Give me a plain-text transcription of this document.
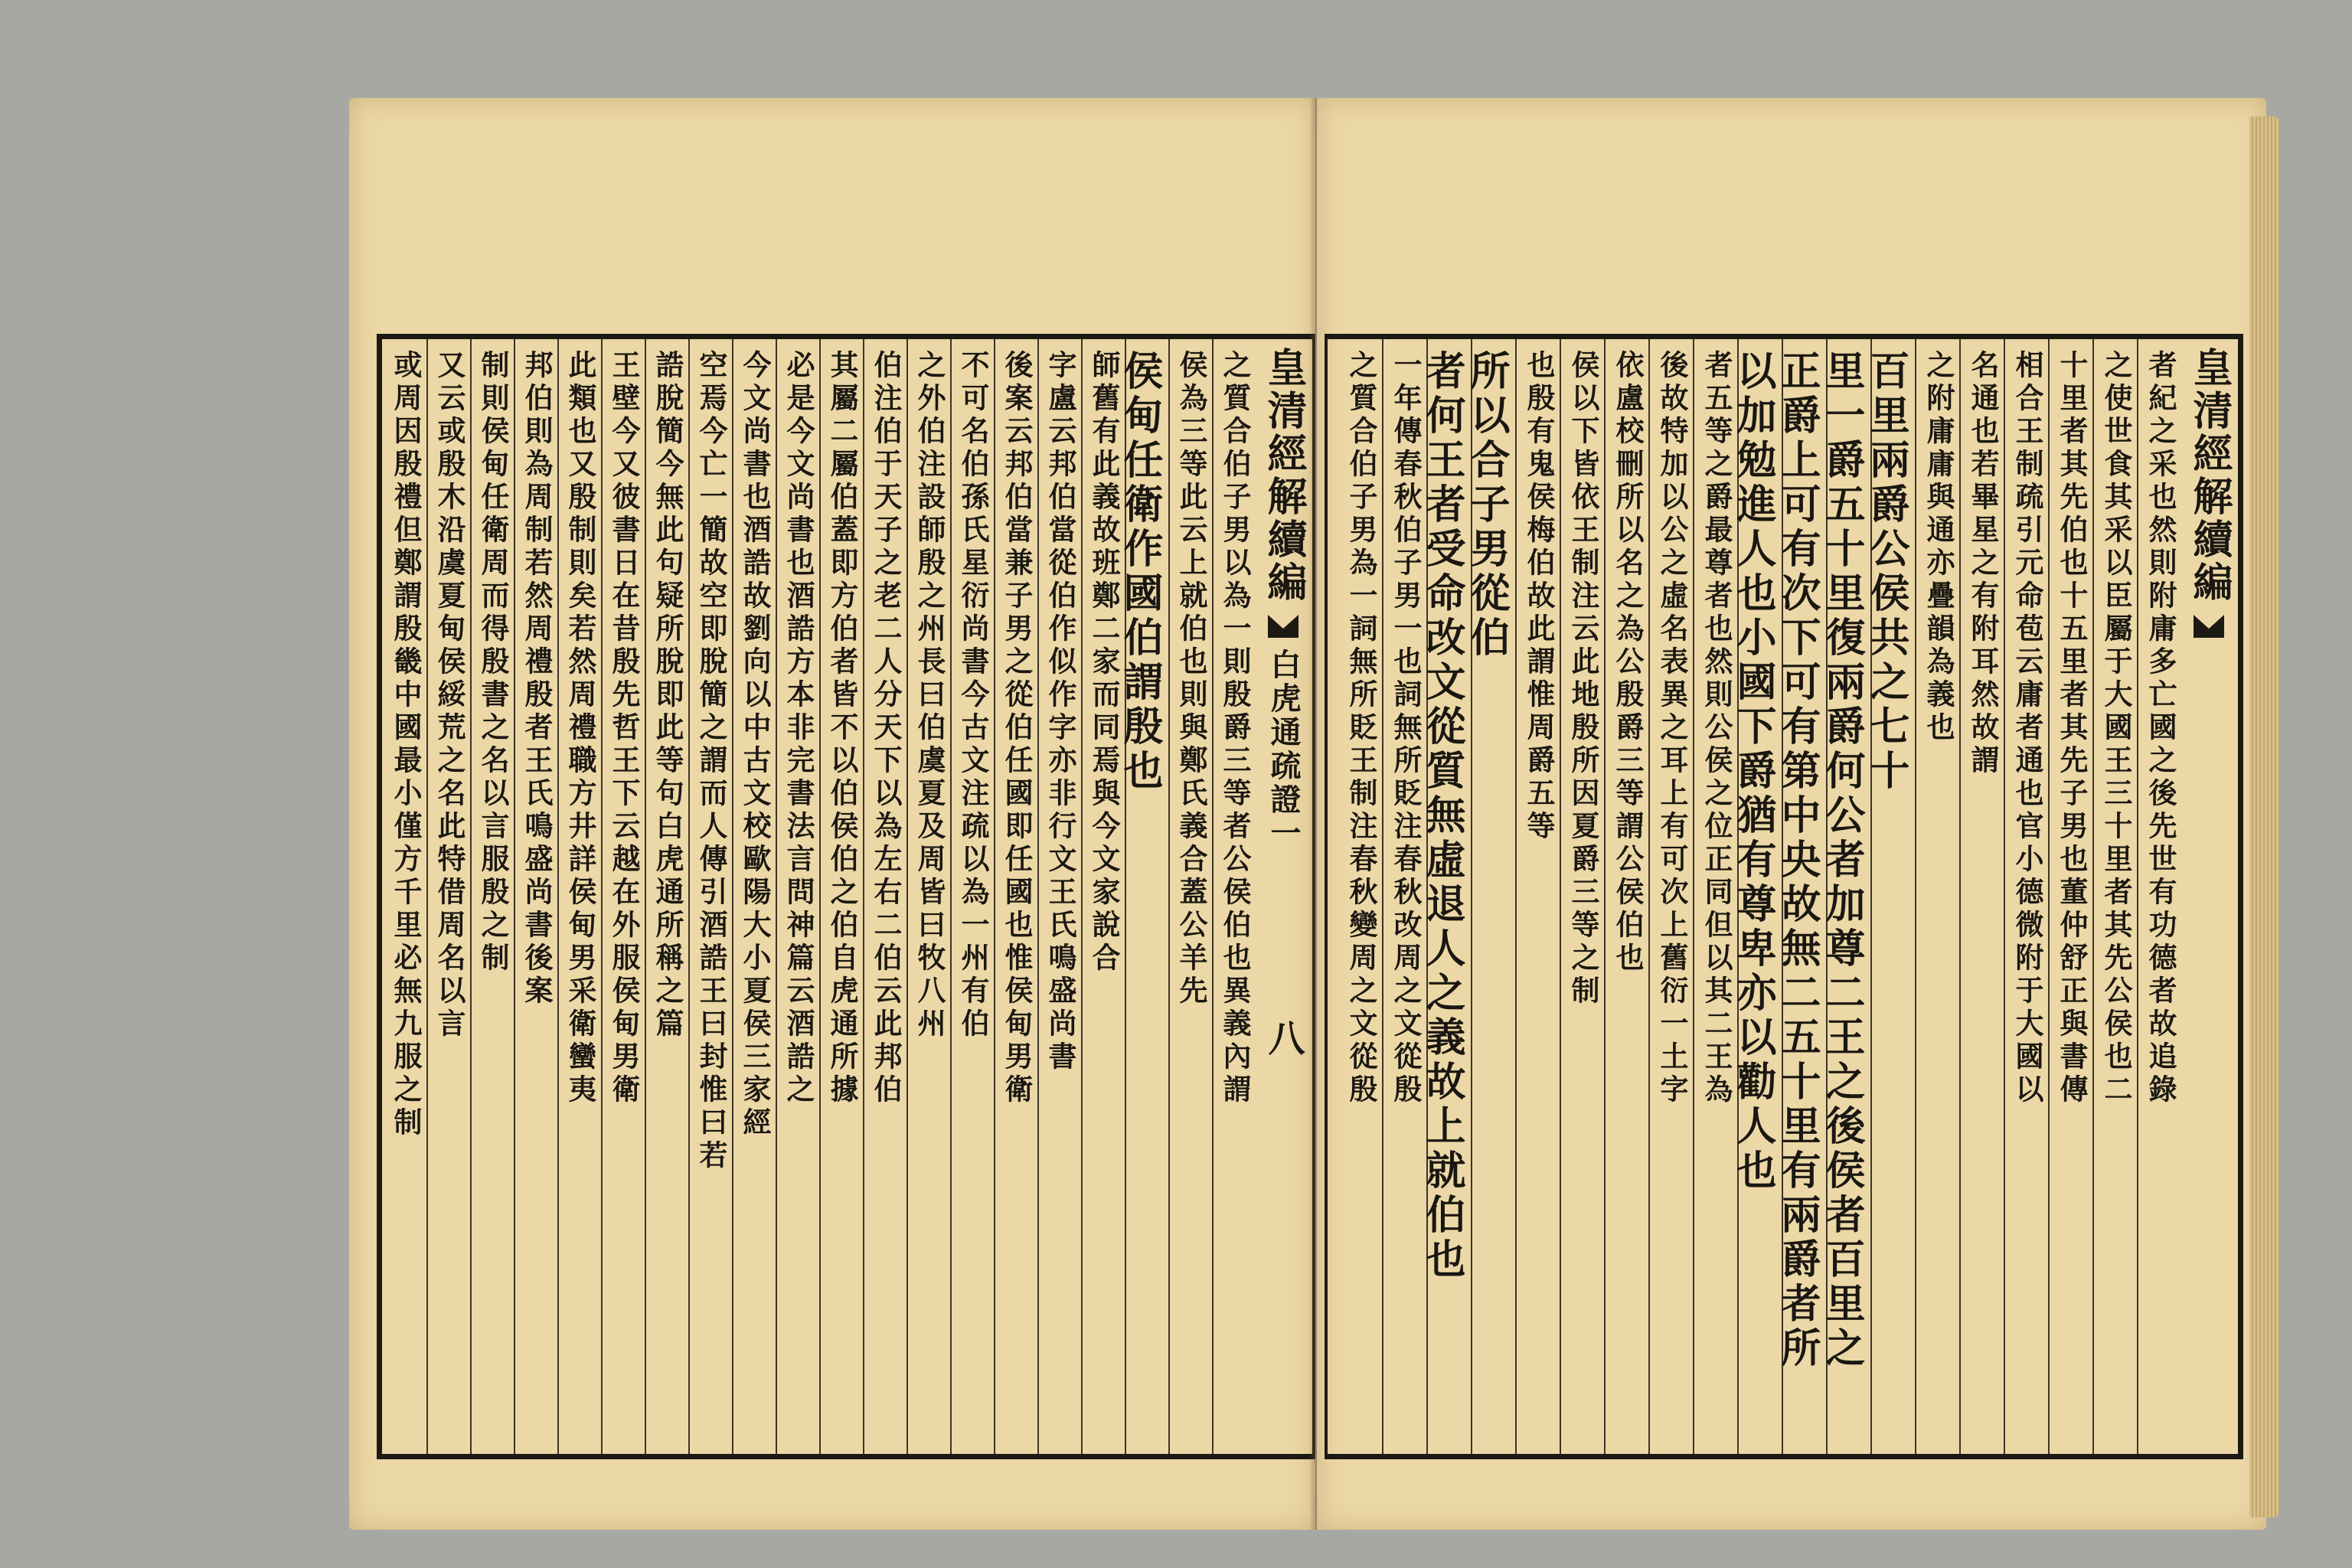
之質合伯子男以為一則殷爵三等者公侯伯也異義內謂
侯為三等此云上就伯也則與鄭氏義合蓋公羊先
侯甸任衛作國伯謂殷也
師舊有此義故班鄭二家而同焉與今文家說合
字盧云邦伯當從伯作似作字亦非行文王氏鳴盛尚書
後案云邦伯當兼子男之從伯任國即任國也惟侯甸男衛
不可名伯孫氏星衍尚書今古文注疏以為一州有伯
之外伯注設師殷之州長曰伯虞夏及周皆曰牧八州
伯注伯于天子之老二人分天下以為左右二伯云此邦伯
其屬二屬伯蓋即方伯者皆不以伯侯伯之伯自虎通所據
必是今文尚書也酒誥方本非完書法言問神篇云酒誥之
今文尚書也酒誥故劉向以中古文校歐陽大小夏侯三家經
空焉今亡一簡故空即脫簡之謂而人傳引酒誥王曰封惟曰若
誥脫簡今無此句疑所脫即此等句白虎通所稱之篇
王壁今又彼書日在昔殷先哲王下云越在外服侯甸男衛
此類也又殷制則矣若然周禮職方井詳侯甸男采衛蠻夷
邦伯則為周制若然周禮殷者王氏鳴盛尚書後案
制則侯甸任衛周而得殷書之名以言服殷之制
又云或殷木沿虞夏甸侯綏荒之名此特借周名以言
或周因殷禮但鄭謂殷畿中國最小僅方千里必無九服之制	皇清經解續編白虎通疏證一八	者紀之采也然則附庸多亡國之後先世有功德者故追錄
之使世食其采以臣屬于大國王三十里者其先公侯也二
十里者其先伯也十五里者其先子男也董仲舒正與書傳
相合王制疏引元命苞云庸者通也官小德微附于大國以
名通也若畢星之有附耳然故謂
之附庸庸與通亦疊韻為義也
百里兩爵公侯共之七十
里一爵五十里復兩爵何公者加尊二王之後侯者百里之
正爵上可有次下可有第中央故無二五十里有兩爵者所
以加勉進人也小國下爵猶有尊卑亦以勸人也
者五等之爵最尊者也然則公侯之位正同但以其二王為
後故特加以公之虛名表異之耳上有可次上舊衍一土字
依盧校刪所以名之為公殷爵三等謂公侯伯也
侯以下皆依王制注云此地殷所因夏爵三等之制
也殷有鬼侯梅伯故此謂惟周爵五等
所以合子男從伯
者何王者受命改文從質無虛退人之義故上就伯也
一年傳春秋伯子男一也詞無所貶注春秋改周之文從殷
之質合伯子男為一詞無所貶王制注春秋變周之文從殷	皇清經解續編
